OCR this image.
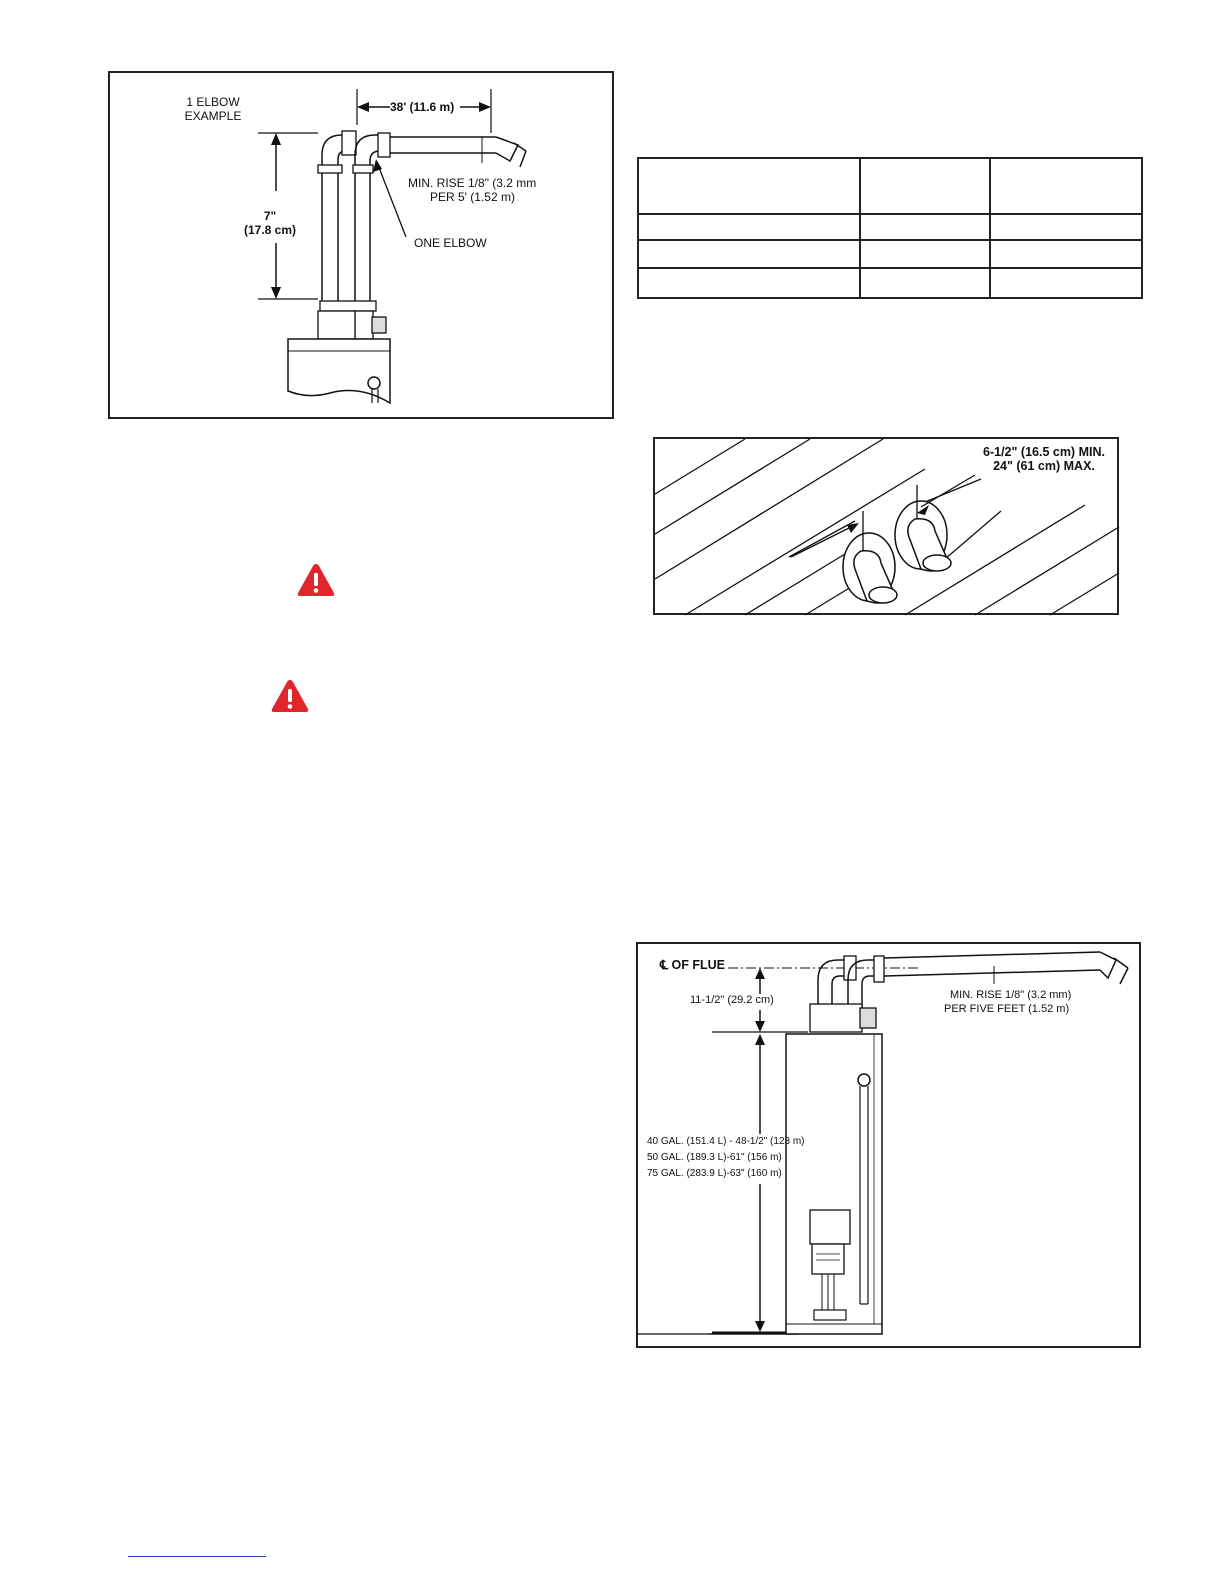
1 ELBOW
EXAMPLE
38' (11.6 m)
7"
(17.8 cm)
MIN. RISE 1/8" (3.2 mm
PER 5' (1.52 m)
ONE ELBOW

6-1/2" (16.5 cm) MIN.
24" (61 cm) MAX.
℄ OF FLUE
11-1/2" (29.2 cm)	MIN. RISE 1/8" (3.2 mm)
PER FIVE FEET (1.52 m)
40 GAL. (151.4 L) - 48-1/2" (123 m)
50 GAL. (189.3 L)-61" (156 m)
75 GAL. (283.9 L)-63" (160 m)
